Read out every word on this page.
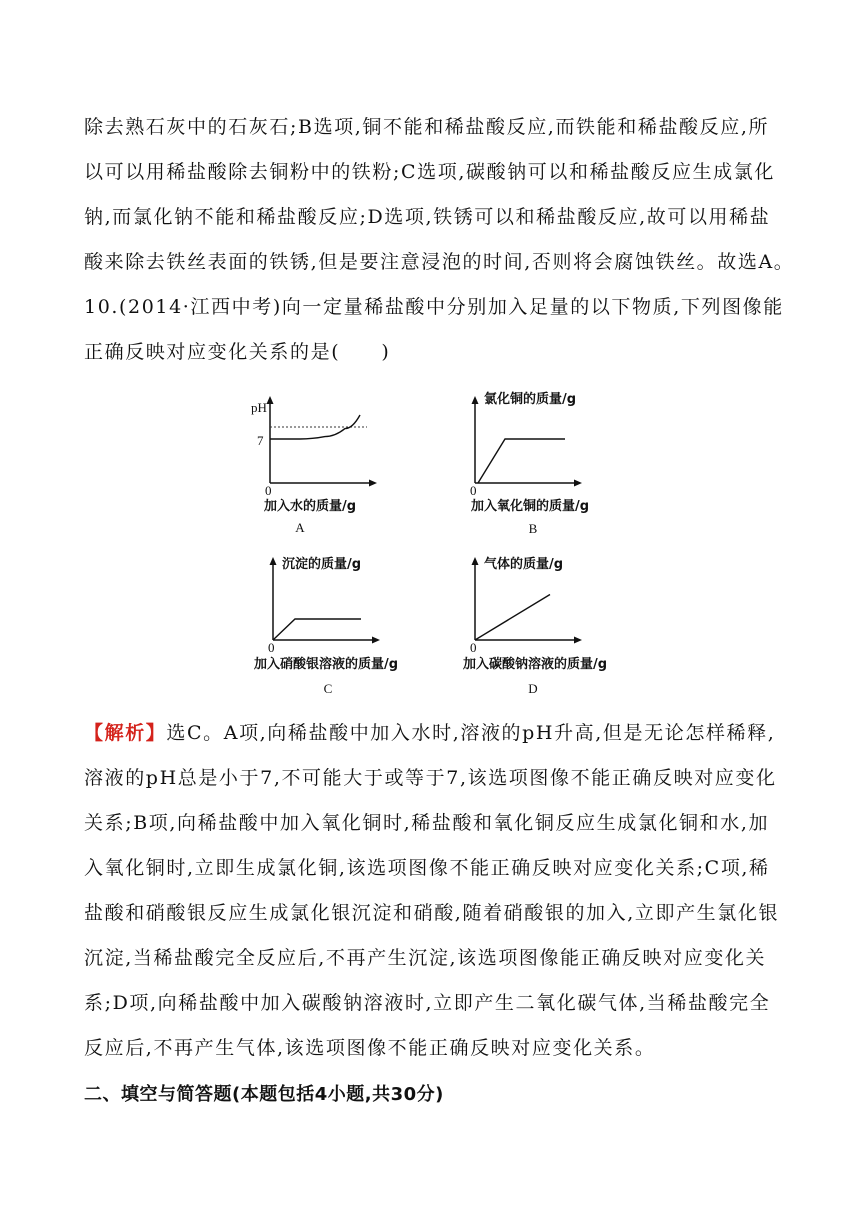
除去熟石灰中的石灰石;B选项,铜不能和稀盐酸反应,而铁能和稀盐酸反应,所
以可以用稀盐酸除去铜粉中的铁粉;C选项,碳酸钠可以和稀盐酸反应生成氯化
钠,而氯化钠不能和稀盐酸反应;D选项,铁锈可以和稀盐酸反应,故可以用稀盐
酸来除去铁丝表面的铁锈,但是要注意浸泡的时间,否则将会腐蚀铁丝。故选A。
10.(2014·江西中考)向一定量稀盐酸中分别加入足量的以下物质,下列图像能
正确反映对应变化关系的是(　　)
pH
7
0
加入水的质量/g
A
氯化铜的质量/g
0
加入氧化铜的质量/g
B
沉淀的质量/g
0
加入硝酸银溶液的质量/g
C
气体的质量/g
0
加入碳酸钠溶液的质量/g
D
【解析】选C。A项,向稀盐酸中加入水时,溶液的pH升高,但是无论怎样稀释,
溶液的pH总是小于7,不可能大于或等于7,该选项图像不能正确反映对应变化
关系;B项,向稀盐酸中加入氧化铜时,稀盐酸和氧化铜反应生成氯化铜和水,加
入氧化铜时,立即生成氯化铜,该选项图像不能正确反映对应变化关系;C项,稀
盐酸和硝酸银反应生成氯化银沉淀和硝酸,随着硝酸银的加入,立即产生氯化银
沉淀,当稀盐酸完全反应后,不再产生沉淀,该选项图像能正确反映对应变化关
系;D项,向稀盐酸中加入碳酸钠溶液时,立即产生二氧化碳气体,当稀盐酸完全
反应后,不再产生气体,该选项图像不能正确反映对应变化关系。
二、填空与简答题(本题包括4小题,共30分)
